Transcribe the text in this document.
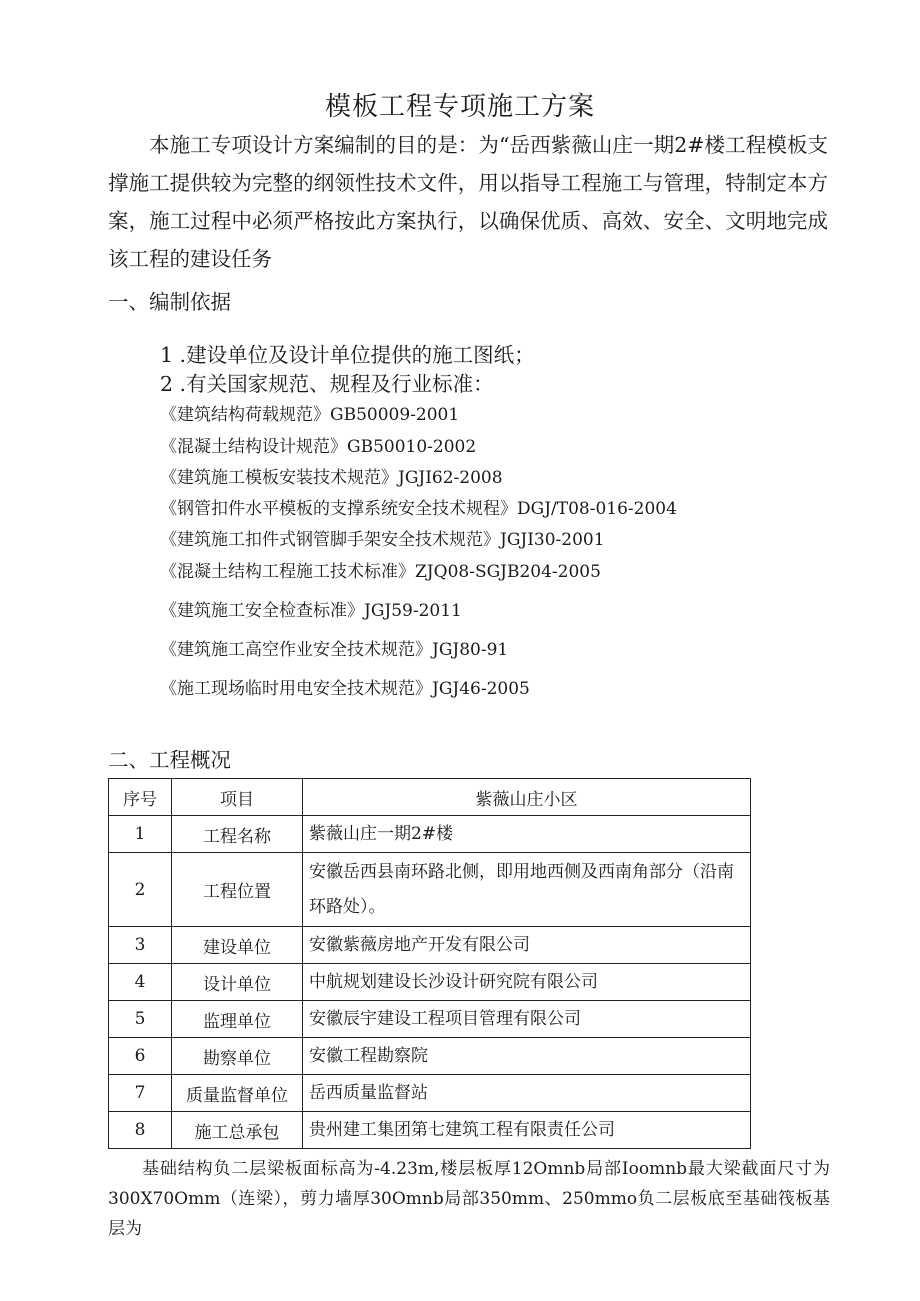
模板工程专项施工方案

本施工专项设计方案编制的目的是：为“岳西紫薇山庄一期2#楼工程模板支撑施工提供较为完整的纲领性技术文件，用以指导工程施工与管理，特制定本方案，施工过程中必须严格按此方案执行，以确保优质、高效、安全、文明地完成该工程的建设任务

一、编制依据
1 .建设单位及设计单位提供的施工图纸；
2 .有关国家规范、规程及行业标准：
《建筑结构荷载规范》GB50009-2001
《混凝土结构设计规范》GB50010-2002
《建筑施工模板安装技术规范》JGJI62-2008
《钢管扣件水平模板的支撑系统安全技术规程》DGJ/T08-016-2004
《建筑施工扣件式钢管脚手架安全技术规范》JGJI30-2001
《混凝土结构工程施工技术标准》ZJQ08-SGJB204-2005
《建筑施工安全检查标准》JGJ59-2011
《建筑施工高空作业安全技术规范》JGJ80-91
《施工现场临时用电安全技术规范》JGJ46-2005
二、工程概况
序号	项目	紫薇山庄小区
1	工程名称	紫薇山庄一期2#楼
2	工程位置	安徽岳西县南环路北侧，即用地西侧及西南角部分（沿南环路处）。
3	建设单位	安徽紫薇房地产开发有限公司
4	设计单位	中航规划建设长沙设计研究院有限公司
5	监理单位	安徽辰宇建设工程项目管理有限公司
6	勘察单位	安徽工程勘察院
7	质量监督单位	岳西质量监督站
8	施工总承包	贵州建工集团第七建筑工程有限责任公司

基础结构负二层梁板面标高为-4.23m,楼层板厚12Omnb局部Ioomnb最大梁截面尺寸为300X70Omm（连梁），剪力墙厚30Omnb局部350mm、250mmo负二层板底至基础筏板基层为
